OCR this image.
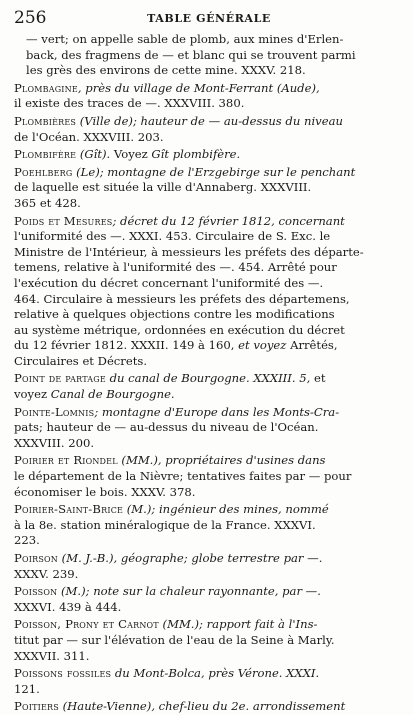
256	TABLE GÉNÉRALE
— vert; on appelle sable de plomb, aux mines d'Erlen-
back, des fragmens de — et blanc qui se trouvent parmi
les grès des environs de cette mine. XXXV. 218.
Plombagine, près du village de Mont-Ferrant (Aude),
il existe des traces de —. XXXVIII. 380.
Plombières (Ville de); hauteur de — au-dessus du niveau
de l'Océan. XXXVIII. 203.
Plombifère (Gît). Voyez Gît plombifère.
Poehlberg (Le); montagne de l'Erzgebirge sur le penchant
de laquelle est située la ville d'Annaberg. XXXVIII.
365 et 428.
Poids et Mesures; décret du 12 février 1812, concernant
l'uniformité des —. XXXI. 453. Circulaire de S. Exc. le
Ministre de l'Intérieur, à messieurs les préfets des départe-
temens, relative à l'uniformité des —. 454. Arrêté pour
l'exécution du décret concernant l'uniformité des —.
464. Circulaire à messieurs les préfets des départemens,
relative à quelques objections contre les modifications
au système métrique, ordonnées en exécution du décret
du 12 février 1812. XXXII. 149 à 160, et voyez Arrêtés,
Circulaires et Décrets.
Point de partage du canal de Bourgogne. XXXIII. 5, et
voyez Canal de Bourgogne.
Pointe-Lomnis; montagne d'Europe dans les Monts-Cra-
pats; hauteur de — au-dessus du niveau de l'Océan.
XXXVIII. 200.
Poirier et Riondel (MM.), propriétaires d'usines dans
le département de la Nièvre; tentatives faites par — pour
économiser le bois. XXXV. 378.
Poirier-Saint-Brice (M.); ingénieur des mines, nommé
à la 8e. station minéralogique de la France. XXXVI.
223.
Poirson (M. J.-B.), géographe; globe terrestre par —.
XXXV. 239.
Poisson (M.); note sur la chaleur rayonnante, par —.
XXXVI. 439 à 444.
Poisson, Prony et Carnot (MM.); rapport fait à l'Ins-
titut par — sur l'élévation de l'eau de la Seine à Marly.
XXXVII. 311.
Poissons fossiles du Mont-Bolca, près Vérone. XXXI.
121.
Poitiers (Haute-Vienne), chef-lieu du 2e. arrondissement
